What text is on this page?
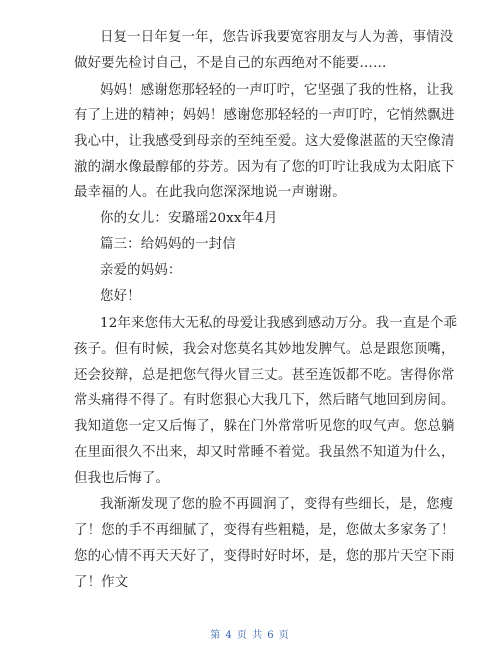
日复一日年复一年，您告诉我要宽容朋友与人为善，事情没
做好要先检讨自己，不是自己的东西绝对不能要……
妈妈！感谢您那轻轻的一声叮咛，它坚强了我的性格，让我
有了上进的精神；妈妈！感谢您那轻轻的一声叮咛，它悄然飘进
我心中，让我感受到母亲的至纯至爱。这大爱像湛蓝的天空像清
澈的湖水像最醇郁的芬芳。因为有了您的叮咛让我成为太阳底下
最幸福的人。在此我向您深深地说一声谢谢。
你的女儿：安璐瑶20xx年4月
篇三：给妈妈的一封信
亲爱的妈妈：
您好！
12年来您伟大无私的母爱让我感到感动万分。我一直是个乖
孩子。但有时候，我会对您莫名其妙地发脾气。总是跟您顶嘴，
还会狡辩，总是把您气得火冒三丈。甚至连饭都不吃。害得你常
常头痛得不得了。有时您狠心大我几下，然后睹气地回到房间。
我知道您一定又后悔了，躲在门外常常听见您的叹气声。您总躺
在里面很久不出来，却又时常睡不着觉。我虽然不知道为什么，
但我也后悔了。
我渐渐发现了您的脸不再圆润了，变得有些细长，是，您瘦
了！您的手不再细腻了，变得有些粗糙，是，您做太多家务了！
您的心情不再天天好了，变得时好时坏，是，您的那片天空下雨
了！作文
第 4 页 共 6 页
